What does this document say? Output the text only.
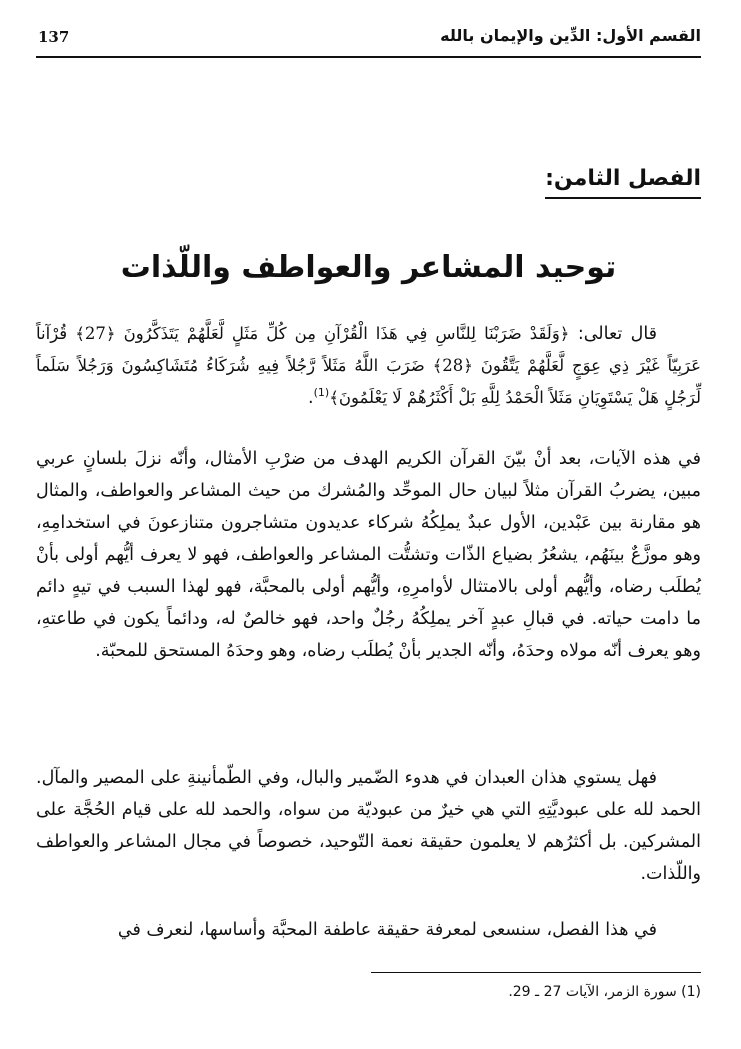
137	القسم الأول: الدِّين والإيمان بالله
الفصل الثامن:
توحيد المشاعر والعواطف واللّذات
قال تعالى: ﴿وَلَقَدْ ضَرَبْنَا لِلنَّاسِ فِي هَذَا الْقُرْآنِ مِن كُلِّ مَثَلٍ لَّعَلَّهُمْ يَتَذَكَّرُونَ ﴿27﴾ قُرْآناً عَرَبِيّاً غَيْرَ ذِي عِوَجٍ لَّعَلَّهُمْ يَتَّقُونَ ﴿28﴾ ضَرَبَ اللَّهُ مَثَلاً رَّجُلاً فِيهِ شُرَكَاءُ مُتَشَاكِسُونَ وَرَجُلاً سَلَماً لِّرَجُلٍ هَلْ يَسْتَوِيَانِ مَثَلاً الْحَمْدُ لِلَّهِ بَلْ أَكْثَرُهُمْ لَا يَعْلَمُونَ﴾$^{(1)}$.
في هذه الآيات، بعد أنْ بيّنَ القرآن الكريم الهدف من ضرْبِ الأمثال، وأنّه نزلَ بلسانٍ عربي مبين، يضربُ القرآن مثلاً لبيان حال الموحِّد والمُشرك من حيث المشاعر والعواطف، والمثال هو مقارنة بين عَبْدين، الأول عبدٌ يملِكُهُ شركاء عديدون متشاجرون متنازعونَ في استخدامِهِ، وهو موزَّعٌ بينَهُم، يشعُرُ بضياع الذّات وتشتُّت المشاعر والعواطف، فهو لا يعرف أيُّهم أولى بأنْ يُطلَب رضاه، وأيُّهم أولى بالامتثال لأوامرِهِ، وأيُّهم أولى بالمحبَّة، فهو لهذا السبب في تيهٍ دائم ما دامت حياته. في قبالِ عبدٍ آخر يملِكُهُ رجُلٌ واحد، فهو خالصٌ له، ودائماً يكون في طاعتهِ، وهو يعرف أنّه مولاه وحدَهُ، وأنّه الجدير بأنْ يُطلَب رضاه، وهو وحدَهُ المستحق للمحبّة.
فهل يستوي هذان العبدان في هدوء الضّمير والبال، وفي الطّمأنينةِ على المصير والمآل. الحمد لله على عبوديَّتِهِ التي هي خيرٌ من عبوديّة من سواه، والحمد لله على قيام الحُجَّة على المشركين. بل أكثرُهم لا يعلمون حقيقة نعمة التّوحيد، خصوصاً في مجال المشاعر والعواطف واللّذات.
في هذا الفصل، سنسعى لمعرفة حقيقة عاطفة المحبَّة وأساسها، لنعرف في
(1) سورة الزمر، الآيات 27 ـ 29.
